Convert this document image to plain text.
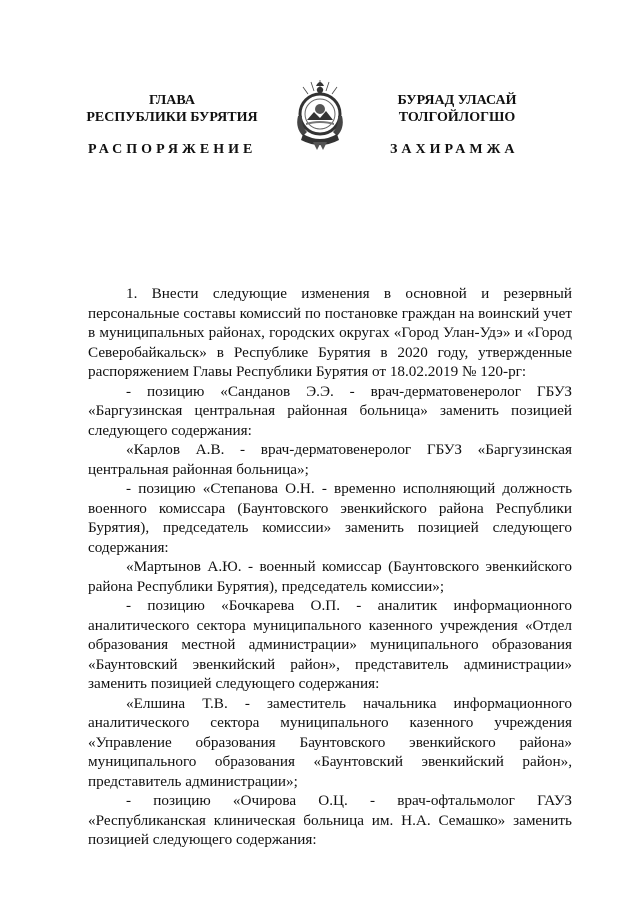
ГЛАВА
РЕСПУБЛИКИ БУРЯТИЯ
БУРЯАД УЛАСАЙ
ТОЛГОЙЛОГШО
РАСПОРЯЖЕНИЕ	ЗАХИРАМЖА

1. Внести следующие изменения в основной и резервный персональные составы комиссий по постановке граждан на воинский учет в муниципальных районах, городских округах «Город Улан-Удэ» и «Город Северобайкальск» в Республике Бурятия в 2020 году, утвержденные распоряжением Главы Республики Бурятия от 18.02.2019 № 120-рг:

- позицию «Санданов Э.Э. - врач-дерматовенеролог ГБУЗ «Баргузинская центральная районная больница» заменить позицией следующего содержания:

«Карлов А.В. - врач-дерматовенеролог ГБУЗ «Баргузинская центральная районная больница»;

- позицию «Степанова О.Н. - временно исполняющий должность военного комиссара (Баунтовского эвенкийского района Республики Бурятия), председатель комиссии» заменить позицией следующего содержания:

«Мартынов А.Ю. - военный комиссар (Баунтовского эвенкийского района Республики Бурятия), председатель комиссии»;

- позицию «Бочкарева О.П. - аналитик информационного аналитического сектора муниципального казенного учреждения «Отдел образования местной администрации» муниципального образования «Баунтовский эвенкийский район», представитель администрации» заменить позицией следующего содержания:

«Елшина Т.В. - заместитель начальника информационного аналитического сектора муниципального казенного учреждения «Управление образования Баунтовского эвенкийского района» муниципального образования «Баунтовский эвенкийский район», представитель администрации»;

- позицию «Очирова О.Ц. - врач-офтальмолог ГАУЗ «Республиканская клиническая больница им. Н.А. Семашко» заменить позицией следующего содержания:
